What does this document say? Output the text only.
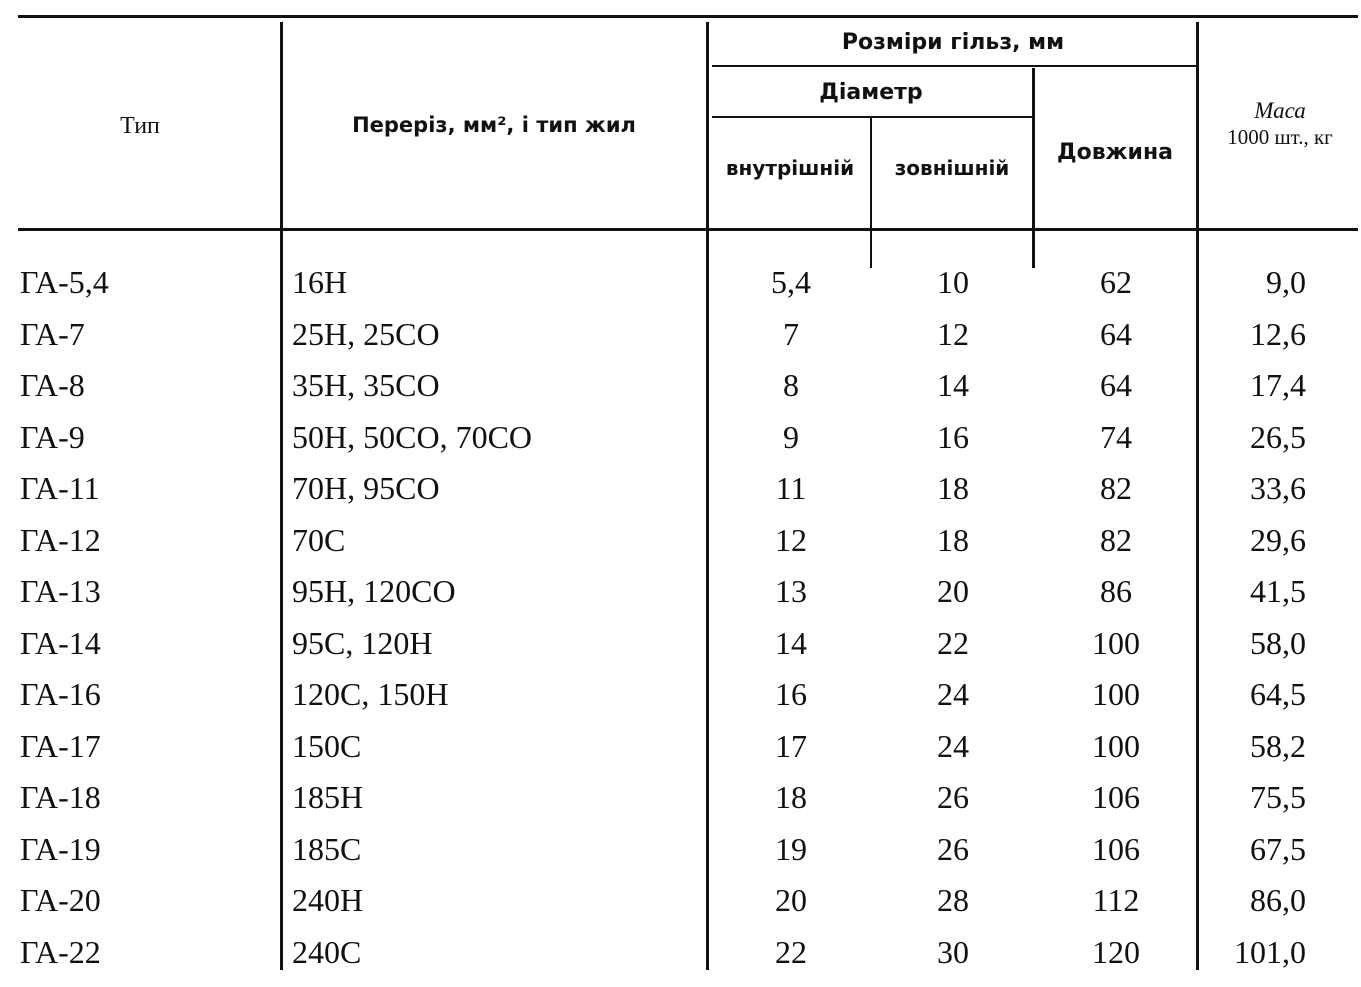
Тип	Переріз, мм², і тип жил
Розміри гільз, мм
Діаметр
внутрішній	зовнішній
Довжина
Маса
1000 шт., кг
ГА-5,4	16Н	5,4	10	62	9,0
ГА-7	25Н, 25СО	7	12	64	12,6
ГА-8	35Н, 35СО	8	14	64	17,4
ГА-9	50Н, 50СО, 70СО	9	16	74	26,5
ГА-11	70Н, 95СО	11	18	82	33,6
ГА-12	70С	12	18	82	29,6
ГА-13	95Н, 120СО	13	20	86	41,5
ГА-14	95С, 120Н	14	22	100	58,0
ГА-16	120С, 150Н	16	24	100	64,5
ГА-17	150С	17	24	100	58,2
ГА-18	185Н	18	26	106	75,5
ГА-19	185С	19	26	106	67,5
ГА-20	240Н	20	28	112	86,0
ГА-22	240С	22	30	120	101,0
